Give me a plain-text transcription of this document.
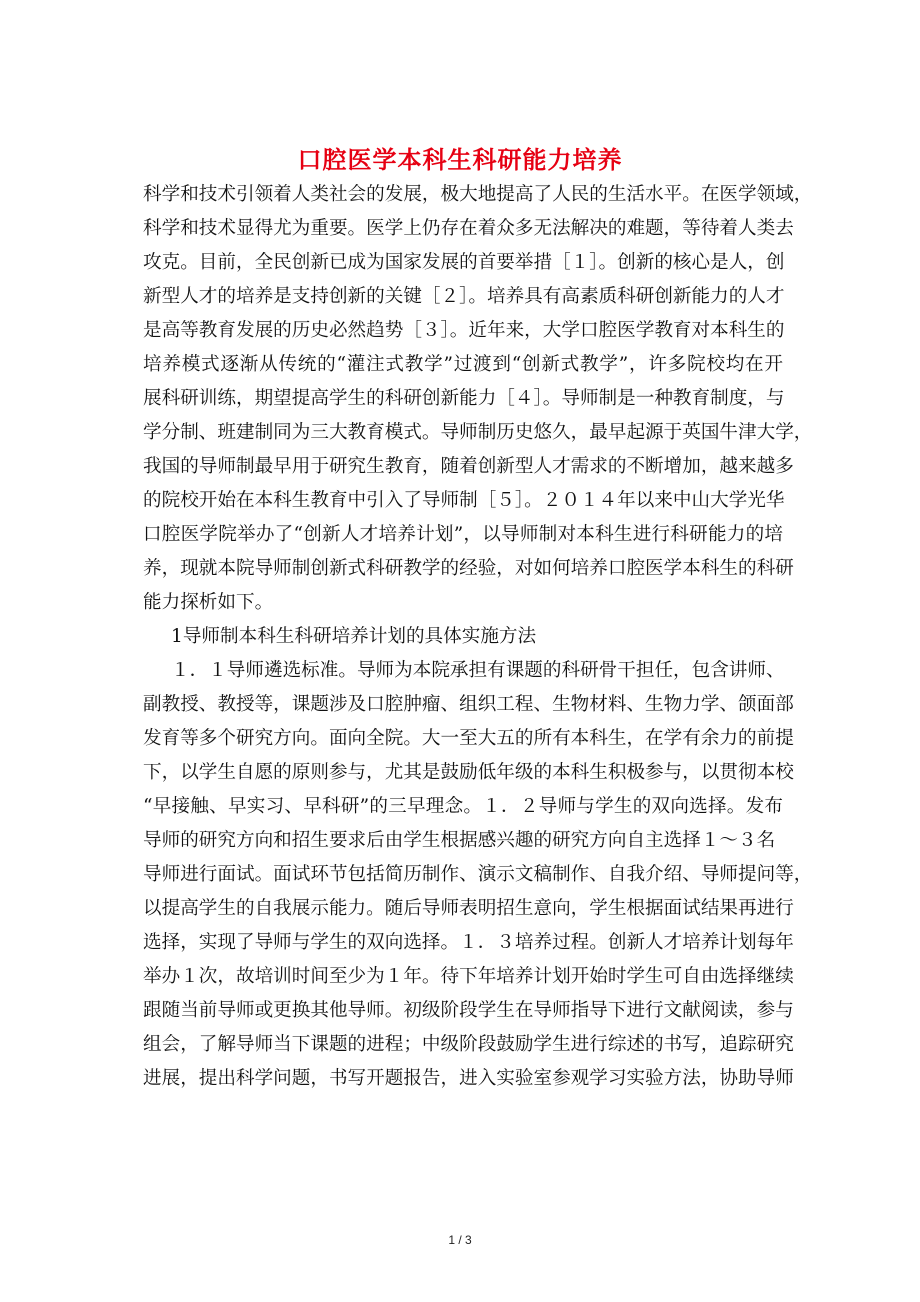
口腔医学本科生科研能力培养
科学和技术引领着人类社会的发展，极大地提高了人民的生活水平。在医学领域，
科学和技术显得尤为重要。医学上仍存在着众多无法解决的难题，等待着人类去
攻克。目前，全民创新已成为国家发展的首要举措［１］。创新的核心是人，创
新型人才的培养是支持创新的关键［２］。培养具有高素质科研创新能力的人才
是高等教育发展的历史必然趋势［３］。近年来，大学口腔医学教育对本科生的
培养模式逐渐从传统的“灌注式教学”过渡到“创新式教学”，许多院校均在开
展科研训练，期望提高学生的科研创新能力［４］。导师制是一种教育制度，与
学分制、班建制同为三大教育模式。导师制历史悠久，最早起源于英国牛津大学，
我国的导师制最早用于研究生教育，随着创新型人才需求的不断增加，越来越多
的院校开始在本科生教育中引入了导师制［５］。２０１４年以来中山大学光华
口腔医学院举办了“创新人才培养计划”，以导师制对本科生进行科研能力的培
养，现就本院导师制创新式科研教学的经验，对如何培养口腔医学本科生的科研
能力探析如下。
1导师制本科生科研培养计划的具体实施方法
１．１导师遴选标准。导师为本院承担有课题的科研骨干担任，包含讲师、
副教授、教授等，课题涉及口腔肿瘤、组织工程、生物材料、生物力学、颌面部
发育等多个研究方向。面向全院。大一至大五的所有本科生，在学有余力的前提
下，以学生自愿的原则参与，尤其是鼓励低年级的本科生积极参与，以贯彻本校
“早接触、早实习、早科研”的三早理念。１．２导师与学生的双向选择。发布
导师的研究方向和招生要求后由学生根据感兴趣的研究方向自主选择１～３名
导师进行面试。面试环节包括简历制作、演示文稿制作、自我介绍、导师提问等，
以提高学生的自我展示能力。随后导师表明招生意向，学生根据面试结果再进行
选择，实现了导师与学生的双向选择。１．３培养过程。创新人才培养计划每年
举办１次，故培训时间至少为１年。待下年培养计划开始时学生可自由选择继续
跟随当前导师或更换其他导师。初级阶段学生在导师指导下进行文献阅读，参与
组会，了解导师当下课题的进程；中级阶段鼓励学生进行综述的书写，追踪研究
进展，提出科学问题，书写开题报告，进入实验室参观学习实验方法，协助导师
1 / 3
